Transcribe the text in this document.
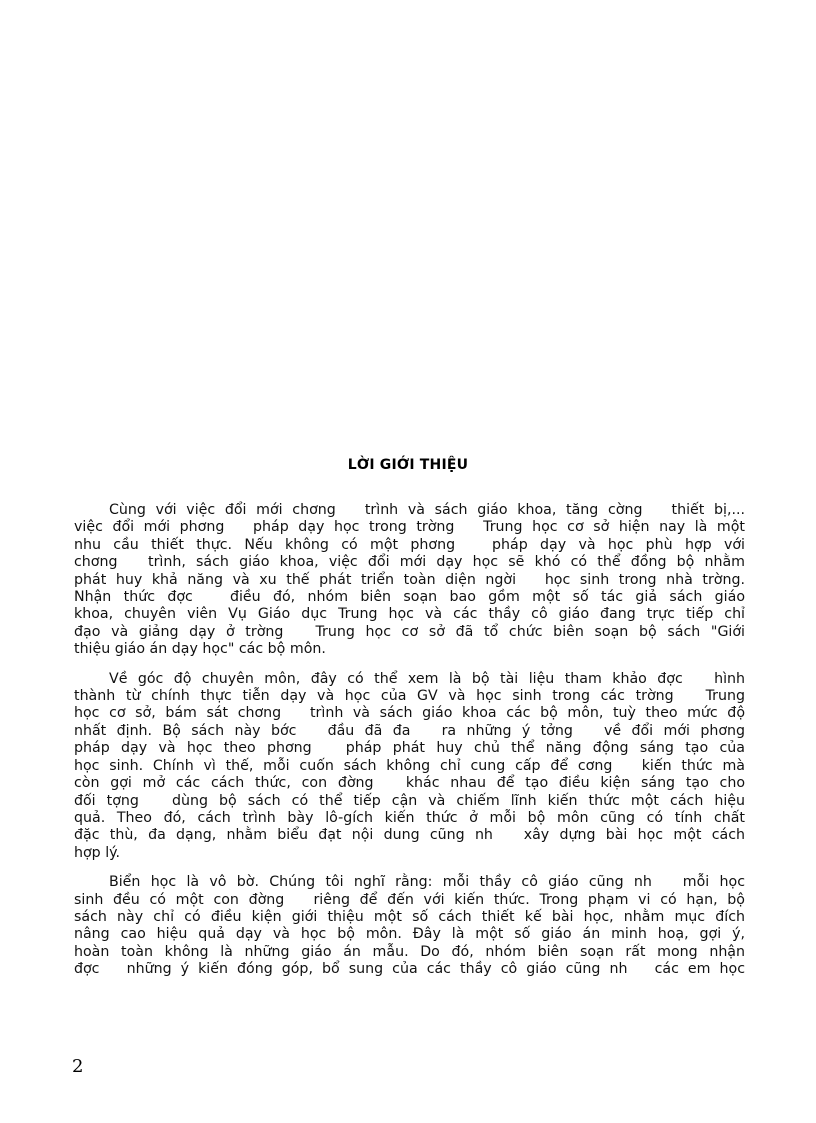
LỜI GIỚI THIỆU
Cùng với việc đổi mới chơng   trình và sách giáo khoa, tăng cờng   thiết bị,...
việc đổi mới phơng   pháp dạy học trong trờng   Trung học cơ sở hiện nay là một
nhu cầu thiết thực. Nếu không có một phơng   pháp dạy và học phù hợp với
chơng   trình, sách giáo khoa, việc đổi mới dạy học sẽ khó có thể đồng bộ nhằm
phát huy khả năng và xu thế phát triển toàn diện ngời   học sinh trong nhà trờng.
Nhận thức đợc   điều đó, nhóm biên soạn bao gồm một số tác giả sách giáo
khoa, chuyên viên Vụ Giáo dục Trung học và các thầy cô giáo đang trực tiếp chỉ
đạo và giảng dạy ở trờng   Trung học cơ sở đã tổ chức biên soạn bộ sách "Giới
thiệu giáo án dạy học" các bộ môn.
Về góc độ chuyên môn, đây có thể xem là bộ tài liệu tham khảo đợc   hình
thành từ chính thực tiễn dạy và học của GV và học sinh trong các trờng   Trung
học cơ sở, bám sát chơng   trình và sách giáo khoa các bộ môn, tuỳ theo mức độ
nhất định. Bộ sách này bớc   đầu đã đa   ra những ý tởng   về đổi mới phơng
pháp dạy và học theo phơng   pháp phát huy chủ thể năng động sáng tạo của
học sinh. Chính vì thế, mỗi cuốn sách không chỉ cung cấp để cơng   kiến thức mà
còn gợi mở các cách thức, con đờng   khác nhau để tạo điều kiện sáng tạo cho
đối tợng   dùng bộ sách có thể tiếp cận và chiếm lĩnh kiến thức một cách hiệu
quả. Theo đó, cách trình bày lô-gích kiến thức ở mỗi bộ môn cũng có tính chất
đặc thù, đa dạng, nhằm biểu đạt nội dung cũng nh   xây dựng bài học một cách
hợp lý.
Biển học là vô bờ. Chúng tôi nghĩ rằng: mỗi thầy cô giáo cũng nh   mỗi học
sinh đều có một con đờng   riêng để đến với kiến thức. Trong phạm vi có hạn, bộ
sách này chỉ có điều kiện giới thiệu một số cách thiết kế bài học, nhằm mục đích
nâng cao hiệu quả dạy và học bộ môn. Đây là một số giáo án minh hoạ, gợi ý,
hoàn toàn không là những giáo án mẫu. Do đó, nhóm biên soạn rất mong nhận
đợc   những ý kiến đóng góp, bổ sung của các thầy cô giáo cũng nh   các em học
2
